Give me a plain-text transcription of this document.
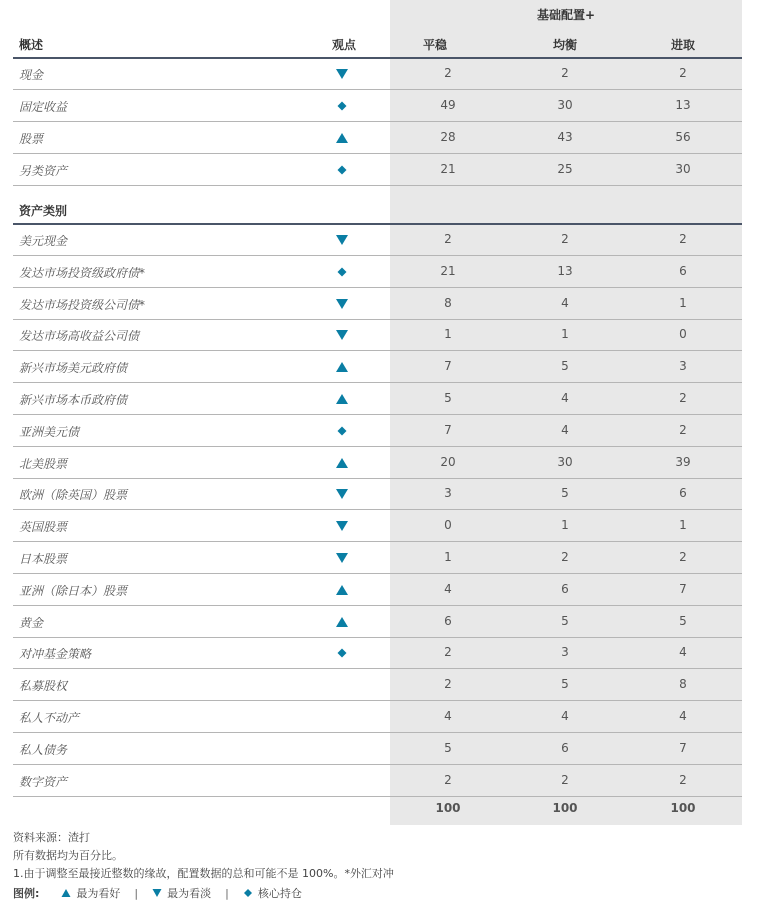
基础配置+
概述	观点	平稳	均衡	进取
现金	2	2	2
固定收益	49	30	13
股票	28	43	56
另类资产	21	25	30
资产类别
美元现金	2	2	2
发达市场投资级政府债*	21	13	6
发达市场投资级公司债*	8	4	1
发达市场高收益公司债	1	1	0
新兴市场美元政府债	7	5	3
新兴市场本币政府债	5	4	2
亚洲美元债	7	4	2
北美股票	20	30	39
欧洲（除英国）股票	3	5	6
英国股票	0	1	1
日本股票	1	2	2
亚洲（除日本）股票	4	6	7
黄金	6	5	5
对冲基金策略	2	3	4
私募股权	2	5	8
私人不动产	4	4	4
私人债务	5	6	7
数字资产	2	2	2
100	100	100
资料来源：渣打
所有数据均为百分比。
1.由于调整至最接近整数的缘故，配置数据的总和可能不是 100%。*外汇对冲
图例:	最为看好 |	最为看淡 |	核心持仓
